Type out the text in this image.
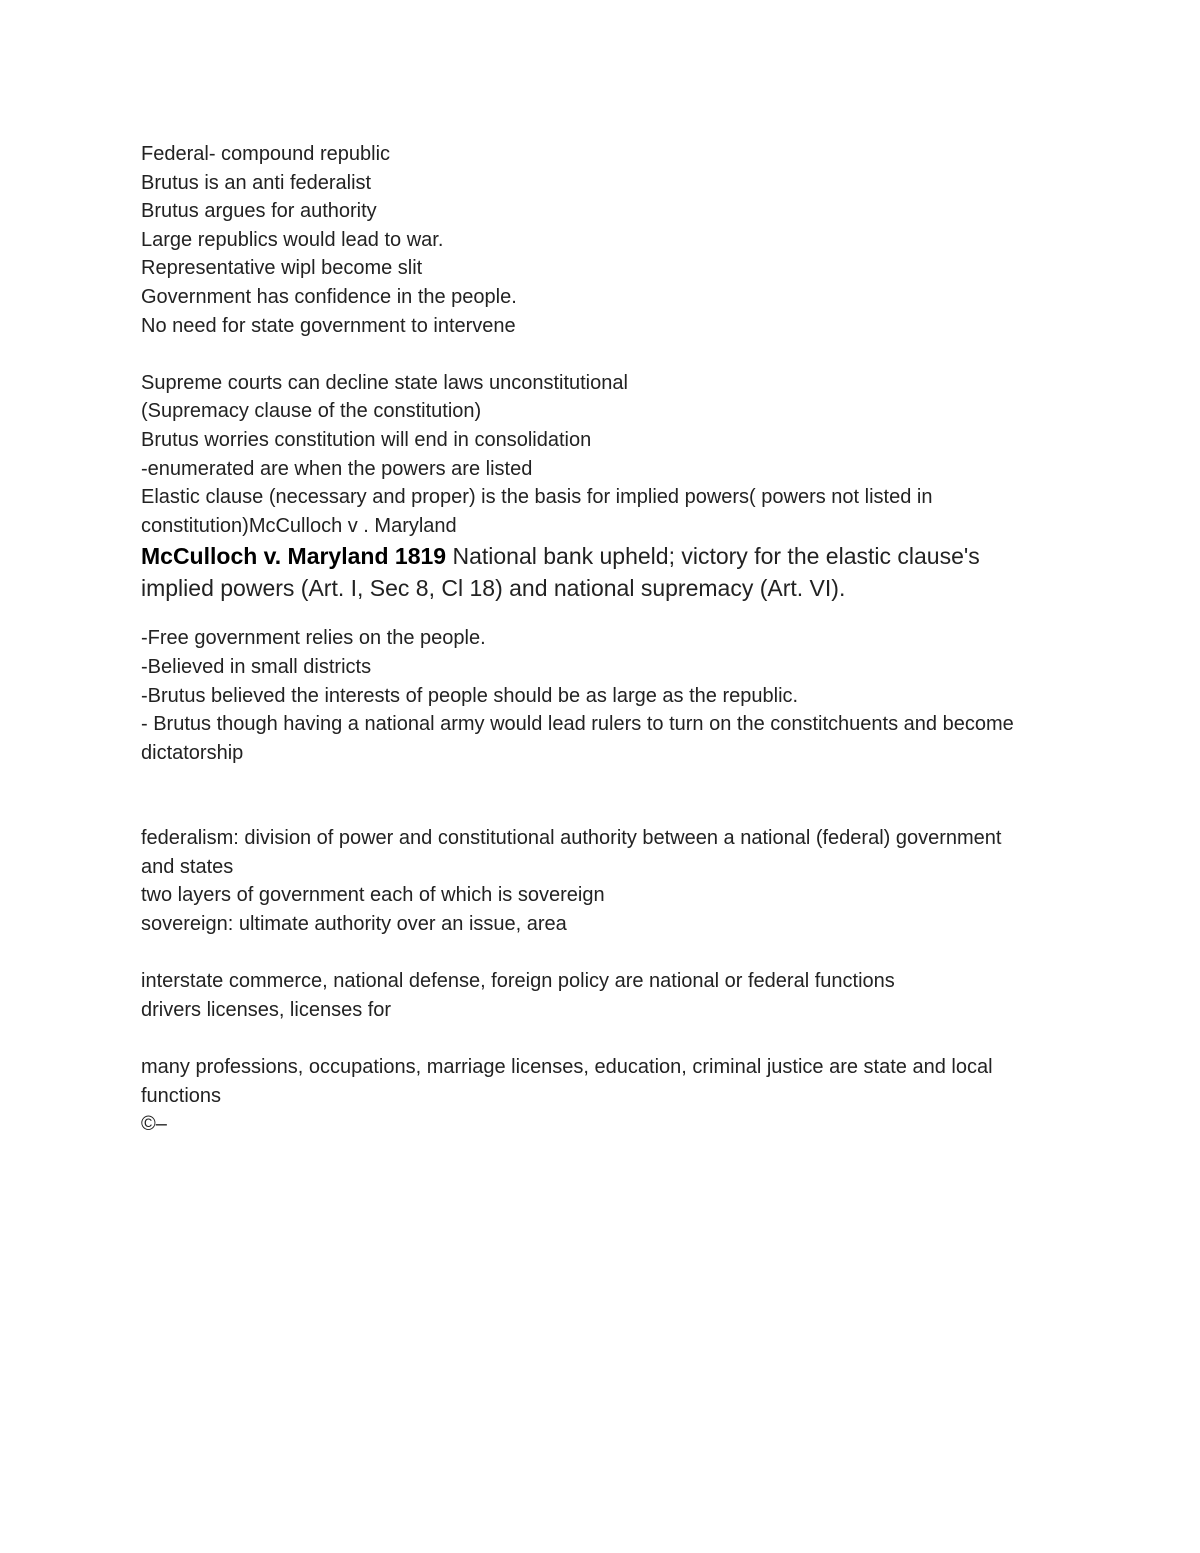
Federal- compound republic
Brutus is an anti federalist
Brutus argues for authority
Large republics would lead to war.
Representative wipl become slit
Government has confidence in the people.
No need for state government to intervene
Supreme courts can decline state laws unconstitutional
(Supremacy clause of the constitution)
Brutus worries constitution will end in consolidation
-enumerated are when the powers are listed
Elastic clause (necessary and proper) is the basis for implied powers( powers not listed in constitution)McCulloch v . Maryland
McCulloch v. Maryland 1819 National bank upheld; victory for the elastic clause's implied powers (Art. I, Sec 8, Cl 18) and national supremacy (Art. VI).
-Free government relies on the people.
-Believed in small districts
-Brutus believed the interests of people should be as large as the republic.
- Brutus though having a national army would lead rulers to turn on the constitchuents and become dictatorship
federalism: division of power and constitutional authority between a national (federal) government and states
two layers of government each of which is sovereign
sovereign: ultimate authority over an issue, area
interstate commerce, national defense, foreign policy are national or federal functions
drivers licenses, licenses for
many professions, occupations, marriage licenses, education, criminal justice are state and local functions
©–
